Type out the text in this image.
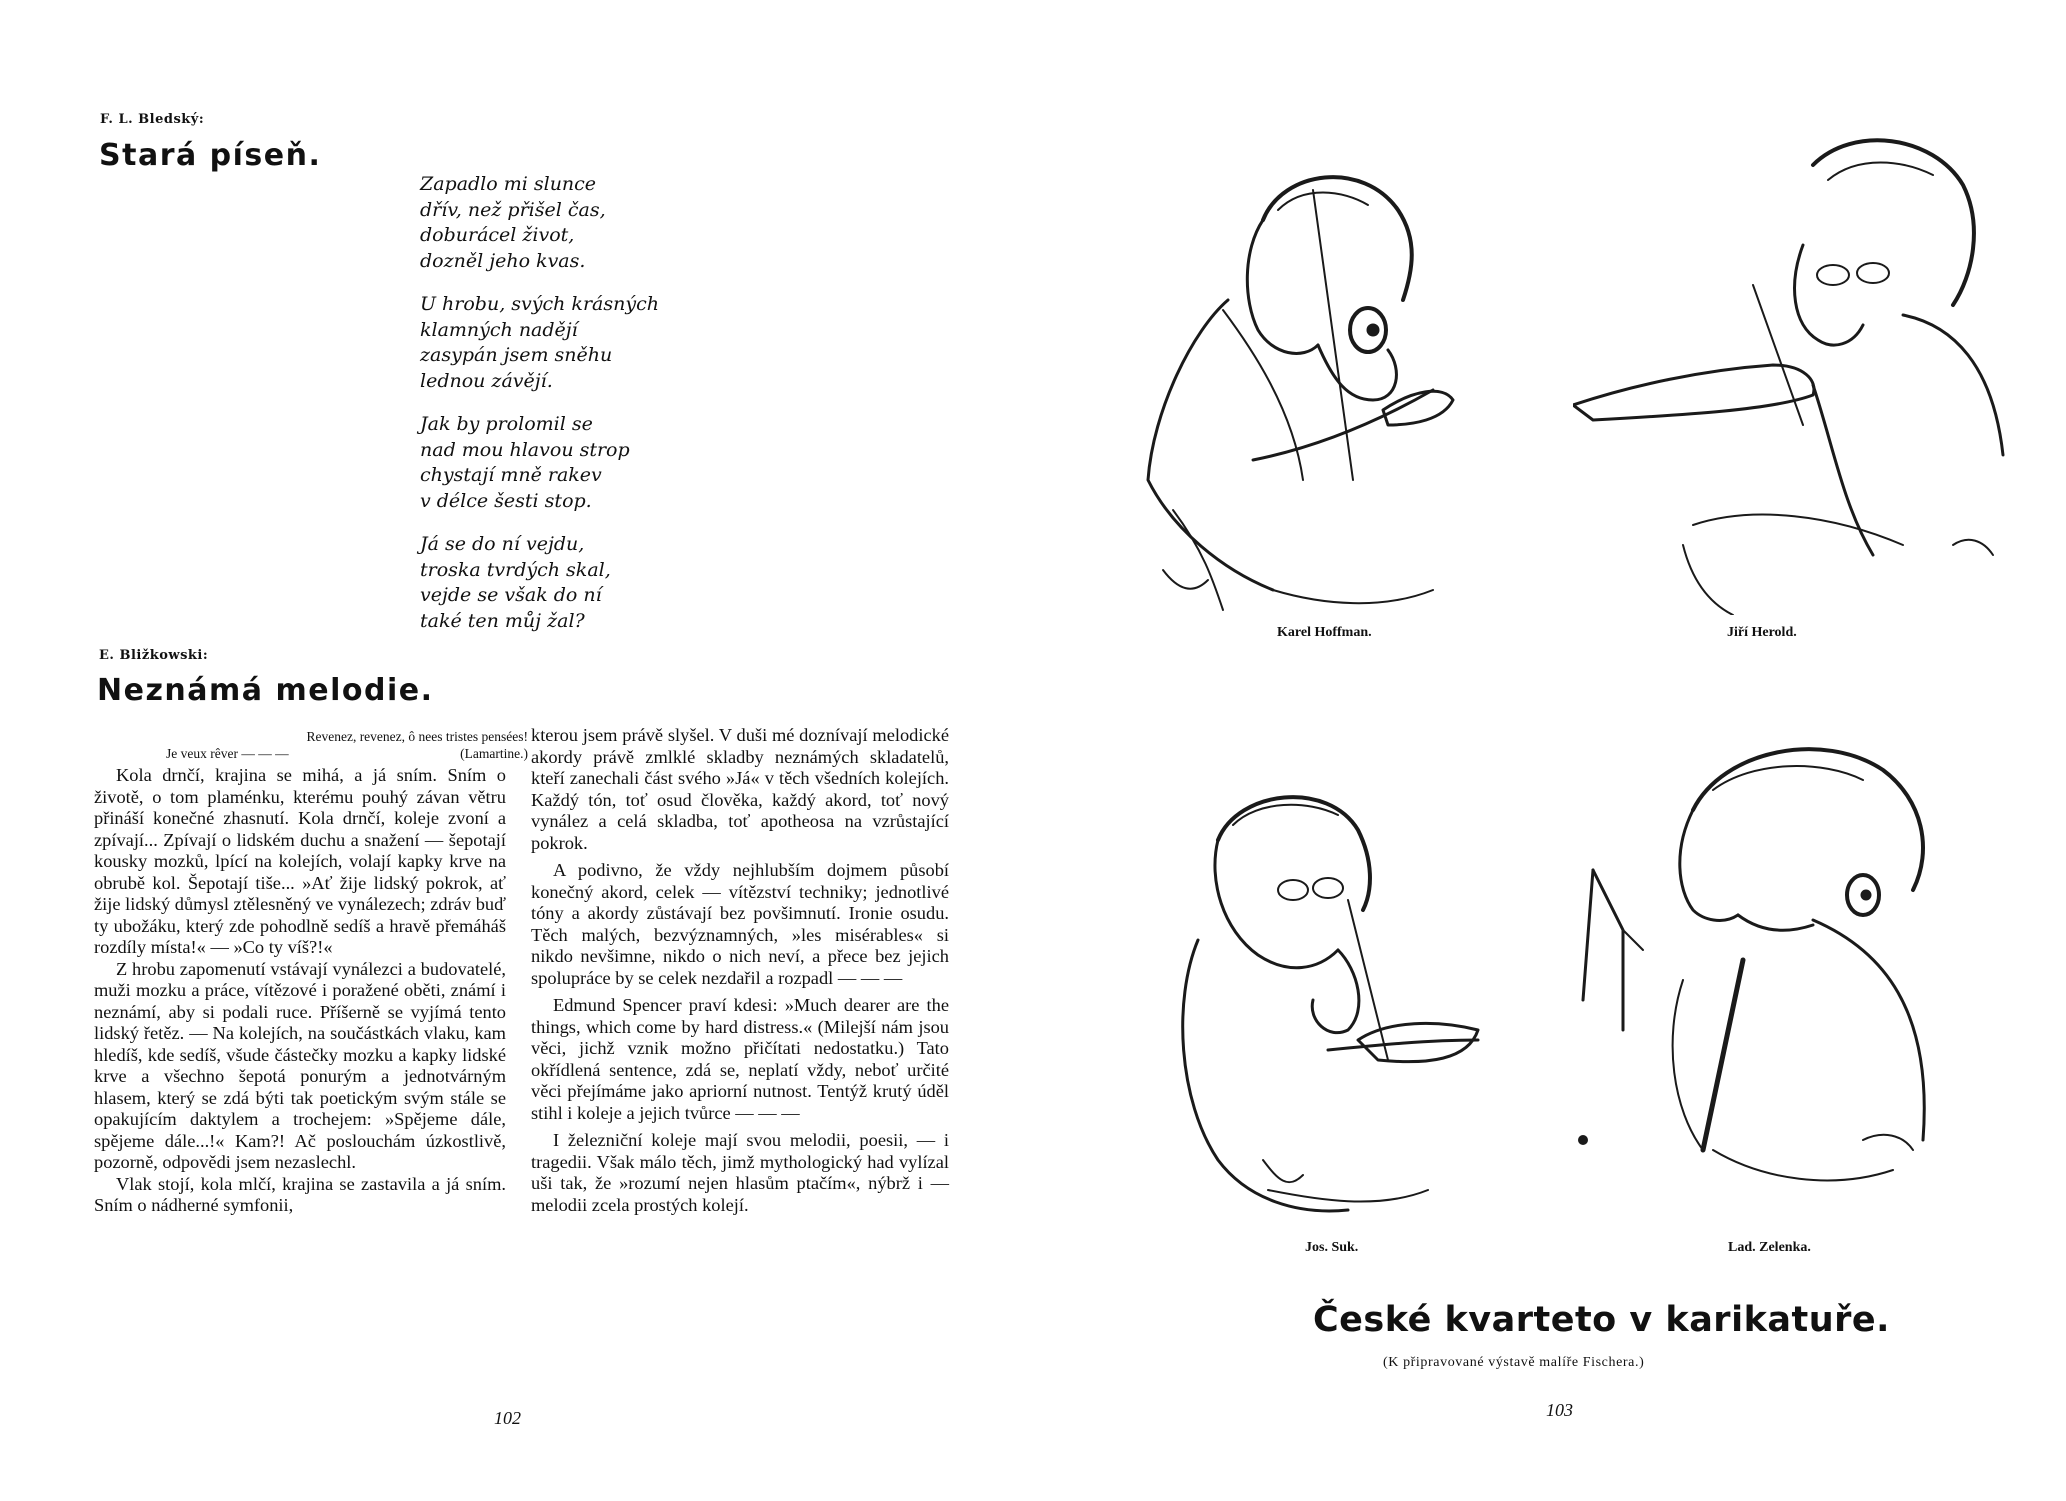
F. L. Bledský:
Stará píseň.
Zapadlo mi slunce
dřív, než přišel čas,
doburácel život,
dozněl jeho kvas.
U hrobu, svých krásných
klamných nadějí
zasypán jsem sněhu
lednou závějí.
Jak by prolomil se
nad mou hlavou strop
chystají mně rakev
v délce šesti stop.
Já se do ní vejdu,
troska tvrdých skal,
vejde se však do ní
také ten můj žal?
E. Bližkowski:
Neznámá melodie.
Revenez, revenez, ô nees tristes pensées!
Je veux rêver — — —	(Lamartine.)

Kola drnčí, krajina se mihá, a já sním. Sním o životě, o tom plaménku, kterému pouhý závan větru přináší konečné zhasnutí. Kola drnčí, koleje zvoní a zpívají... Zpívají o lidském duchu a snažení — šepotají kousky mozků, lpící na kolejích, volají kapky krve na obrubě kol. Šepotají tiše... »Ať žije lidský pokrok, ať žije lidský důmysl ztělesněný ve vynálezech; zdráv buď ty ubožáku, který zde pohodlně sedíš a hravě přemáháš rozdíly místa!« — »Co ty víš?!«

Z hrobu zapomenutí vstávají vynálezci a budovatelé, muži mozku a práce, vítězové i poražené oběti, známí i neznámí, aby si podali ruce. Příšerně se vyjímá tento lidský řetěz. — Na kolejích, na součástkách vlaku, kam hledíš, kde sedíš, všude částečky mozku a kapky lidské krve a všechno šepotá ponurým a jednotvárným hlasem, který se zdá býti tak poetickým svým stále se opakujícím daktylem a trochejem: »Spějeme dále, spějeme dále...!« Kam?! Ač poslouchám úzkostlivě, pozorně, odpovědi jsem nezaslechl.

Vlak stojí, kola mlčí, krajina se zastavila a já sním. Sním o nádherné symfonii,

kterou jsem právě slyšel. V duši mé doznívají melodické akordy právě zmlklé skladby neznámých skladatelů, kteří zanechali část svého »Já« v těch všedních kolejích. Každý tón, toť osud člověka, každý akord, toť nový vynález a celá skladba, toť apotheosa na vzrůstající pokrok.

A podivno, že vždy nejhlubším dojmem působí konečný akord, celek — vítězství techniky; jednotlivé tóny a akordy zůstávají bez povšimnutí. Ironie osudu. Těch malých, bezvýznamných, »les misérables« si nikdo nevšimne, nikdo o nich neví, a přece bez jejich spolupráce by se celek nezdařil a rozpadl — — —

Edmund Spencer praví kdesi: »Much dearer are the things, which come by hard distress.« (Milejší nám jsou věci, jichž vznik možno přičítati nedostatku.) Tato okřídlená sentence, zdá se, neplatí vždy, neboť určité věci přejímáme jako apriorní nutnost. Tentýž krutý úděl stihl i koleje a jejich tvůrce — — —

I železniční koleje mají svou melodii, poesii, — i tragedii. Však málo těch, jimž mythologický had vylízal uši tak, že »rozumí nejen hlasům ptačím«, nýbrž i — melodii zcela prostých kolejí.

102
Karel Hoffman.	Jiří Herold.
Jos. Suk.	Lad. Zelenka.
České kvarteto v karikatuře.
(K připravované výstavě malíře Fischera.)
103
